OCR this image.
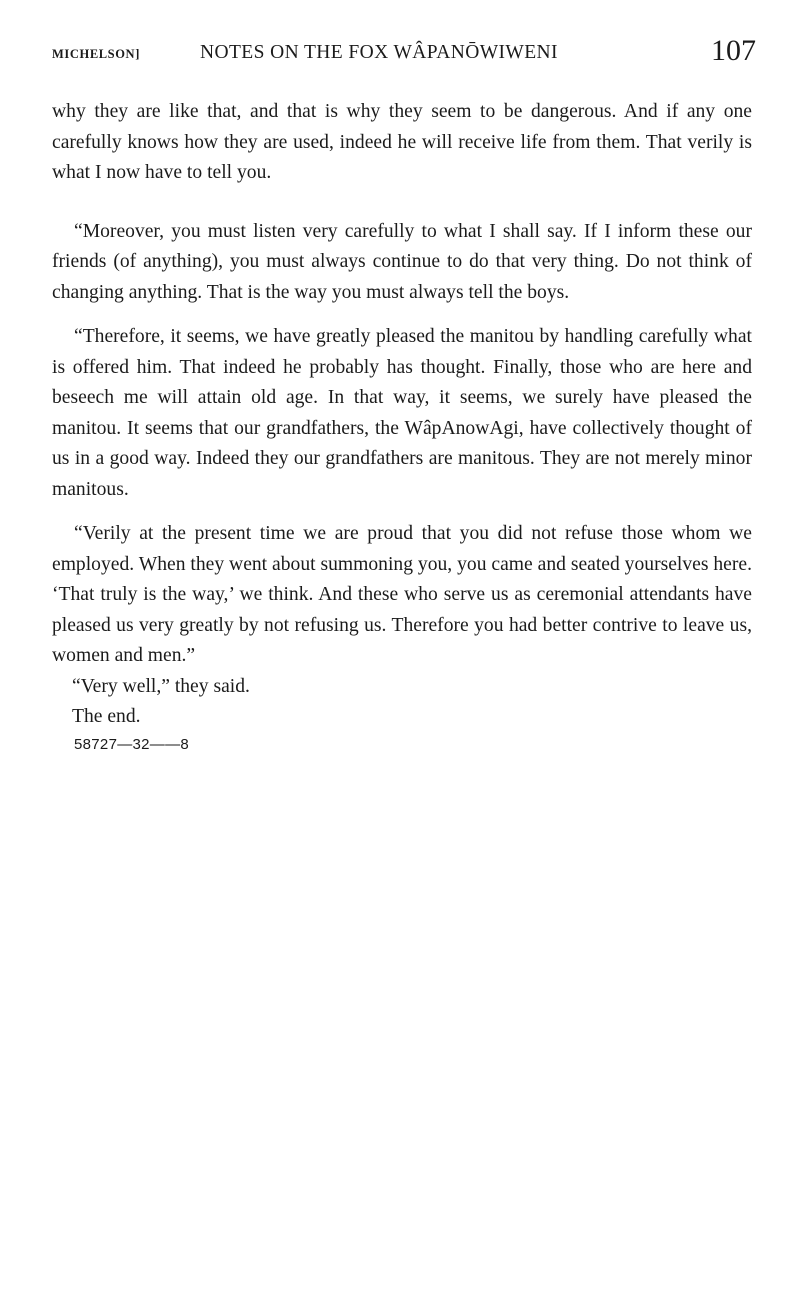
MICHELSON]	NOTES ON THE FOX WÂPANŌWIWENI	107

why they are like that, and that is why they seem to be dangerous. And if any one carefully knows how they are used, indeed he will receive life from them. That verily is what I now have to tell you.

“Moreover, you must listen very carefully to what I shall say. If I inform these our friends (of anything), you must always continue to do that very thing. Do not think of changing anything. That is the way you must always tell the boys.

“Therefore, it seems, we have greatly pleased the manitou by handling carefully what is offered him. That indeed he probably has thought. Finally, those who are here and beseech me will attain old age. In that way, it seems, we surely have pleased the manitou. It seems that our grandfathers, the WâpAnowAgi, have collectively thought of us in a good way. Indeed they our grandfathers are manitous. They are not merely minor manitous.

“Verily at the present time we are proud that you did not refuse those whom we employed. When they went about summoning you, you came and seated yourselves here. ‘That truly is the way,’ we think. And these who serve us as ceremonial attendants have pleased us very greatly by not refusing us. Therefore you had better contrive to leave us, women and men.”

“Very well,” they said.

The end.

58727—32——8
